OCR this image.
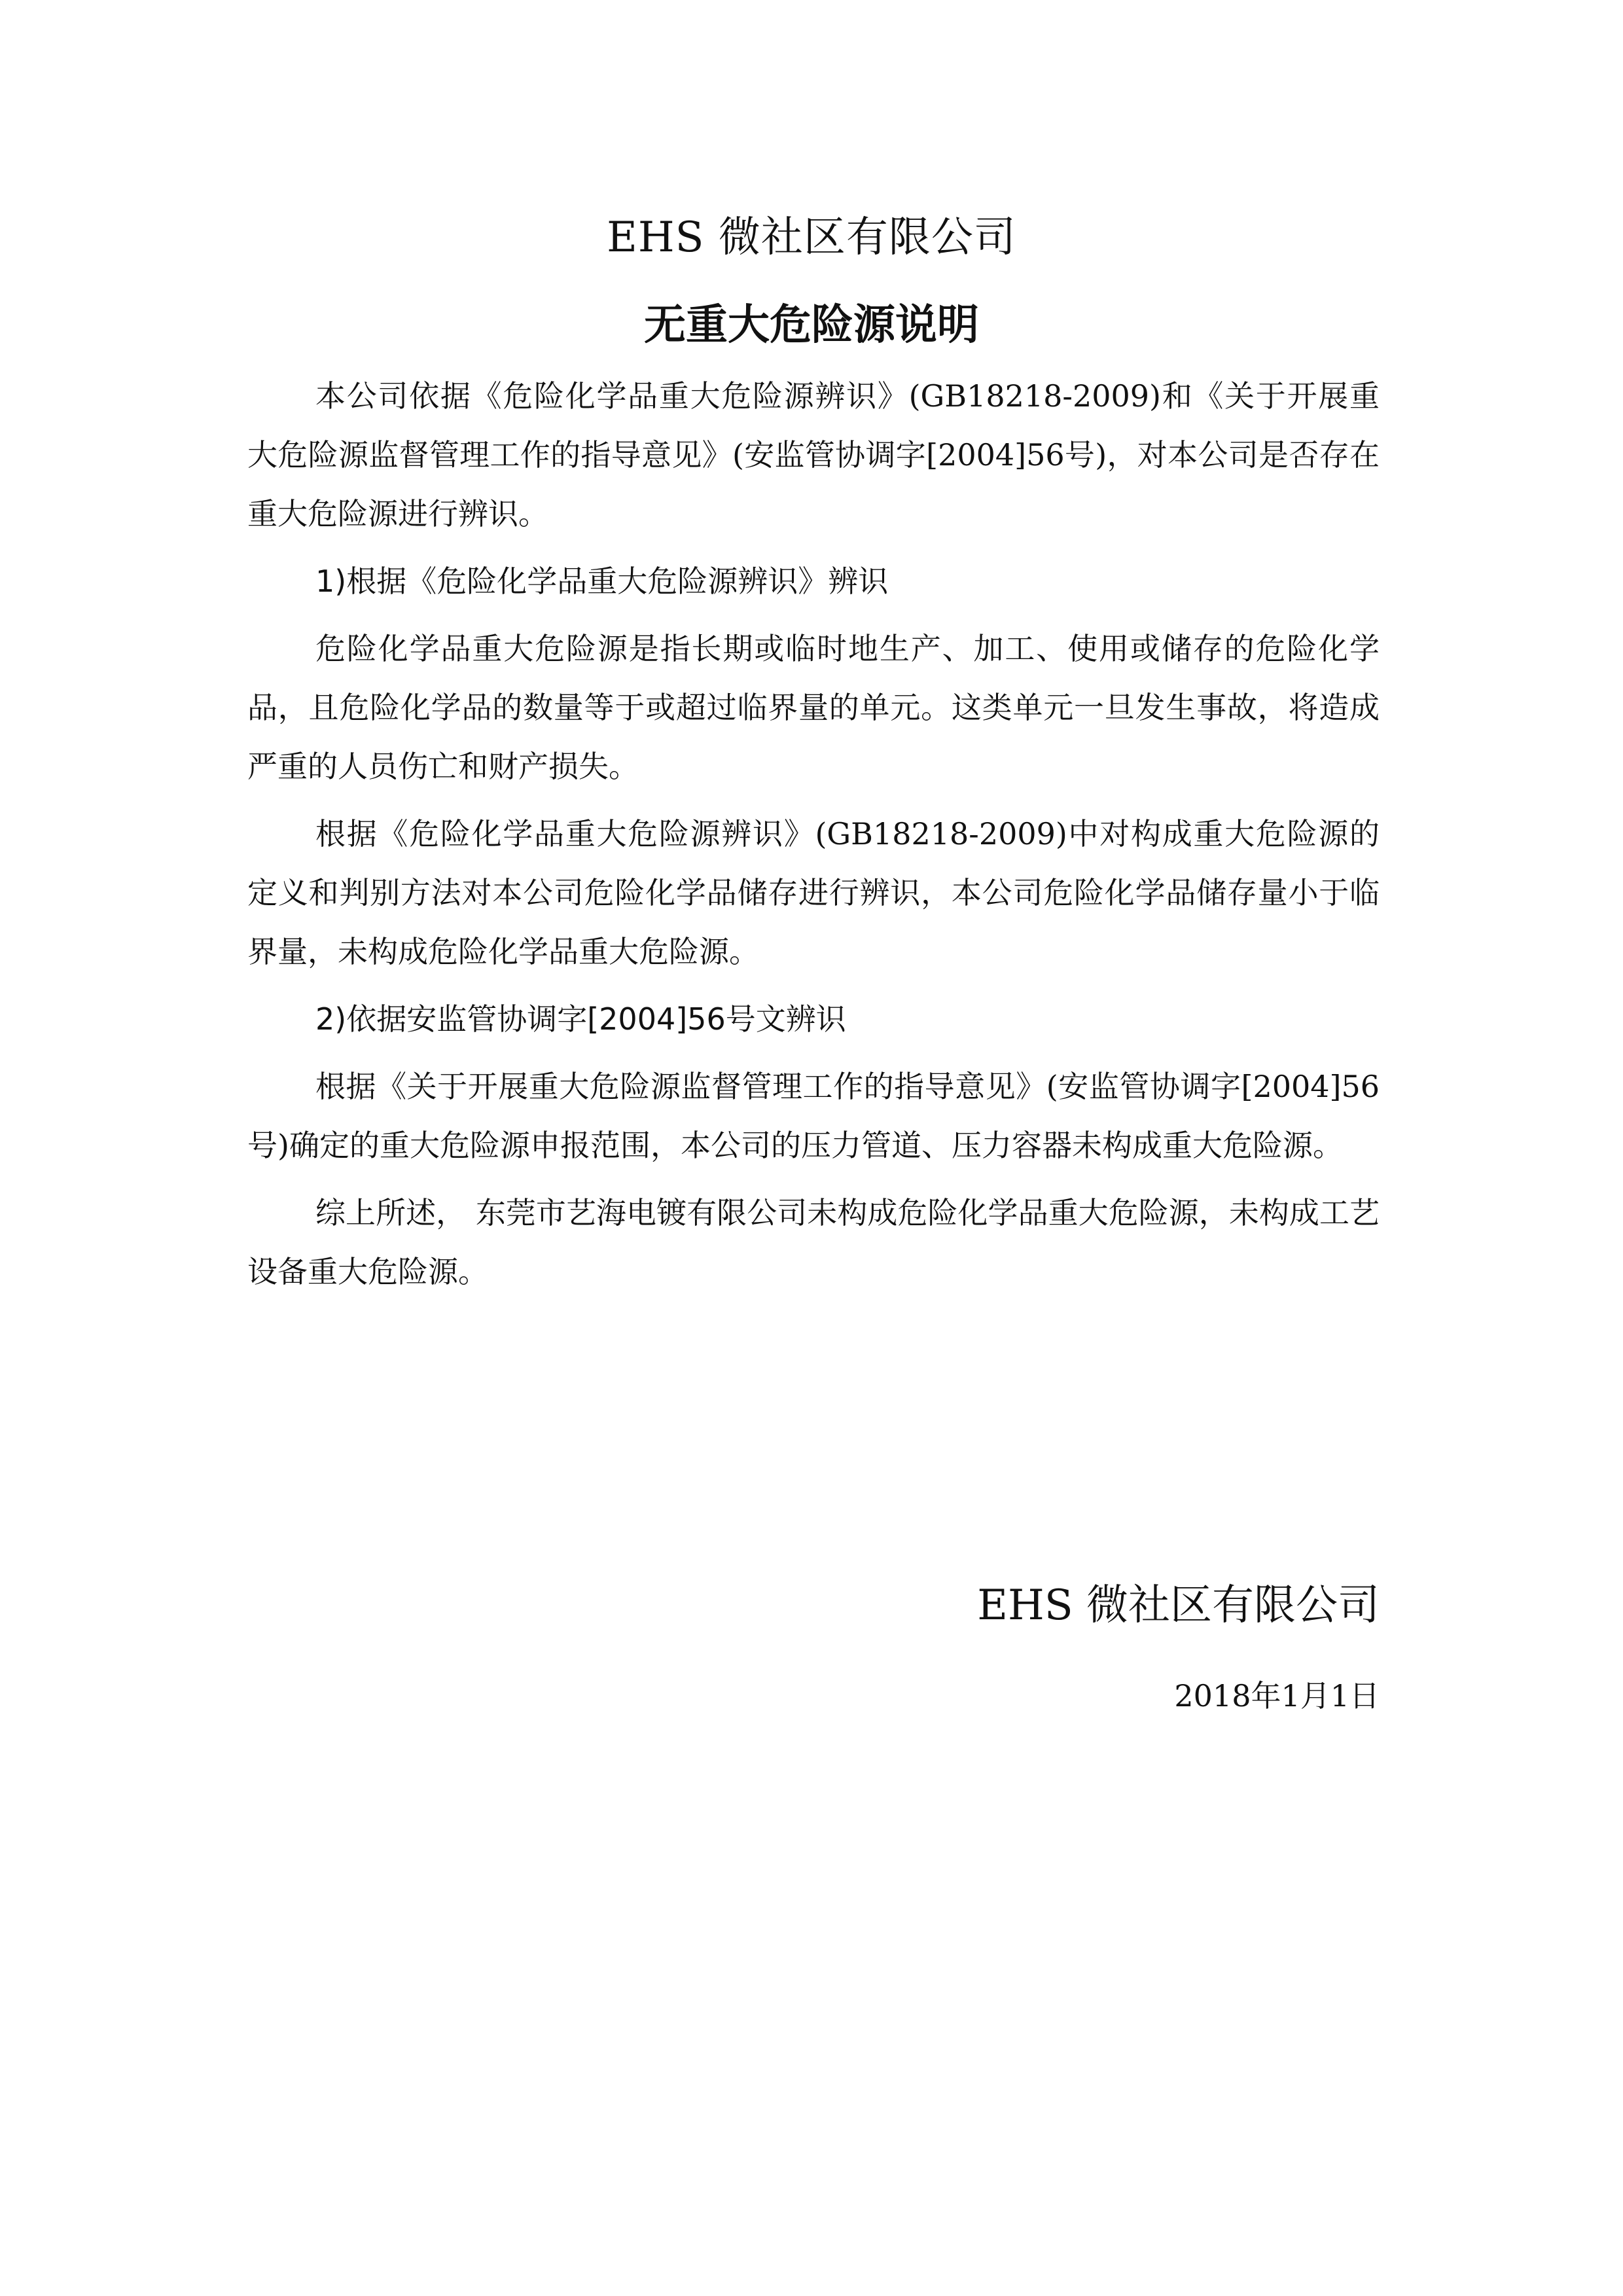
EHS 微社区有限公司
无重大危险源说明

本公司依据《危险化学品重大危险源辨识》(GB18218-2009)和《关于开展重大危险源监督管理工作的指导意见》(安监管协调字[2004]56号)，对本公司是否存在重大危险源进行辨识。

1)根据《危险化学品重大危险源辨识》辨识

危险化学品重大危险源是指长期或临时地生产、加工、使用或储存的危险化学品，且危险化学品的数量等于或超过临界量的单元。这类单元一旦发生事故，将造成严重的人员伤亡和财产损失。

根据《危险化学品重大危险源辨识》(GB18218-2009)中对构成重大危险源的定义和判别方法对本公司危险化学品储存进行辨识，本公司危险化学品储存量小于临界量，未构成危险化学品重大危险源。

2)依据安监管协调字[2004]56号文辨识

根据《关于开展重大危险源监督管理工作的指导意见》(安监管协调字[2004]56号)确定的重大危险源申报范围，本公司的压力管道、压力容器未构成重大危险源。

综上所述， 东莞市艺海电镀有限公司未构成危险化学品重大危险源，未构成工艺设备重大危险源。

EHS 微社区有限公司
2018年1月1日
